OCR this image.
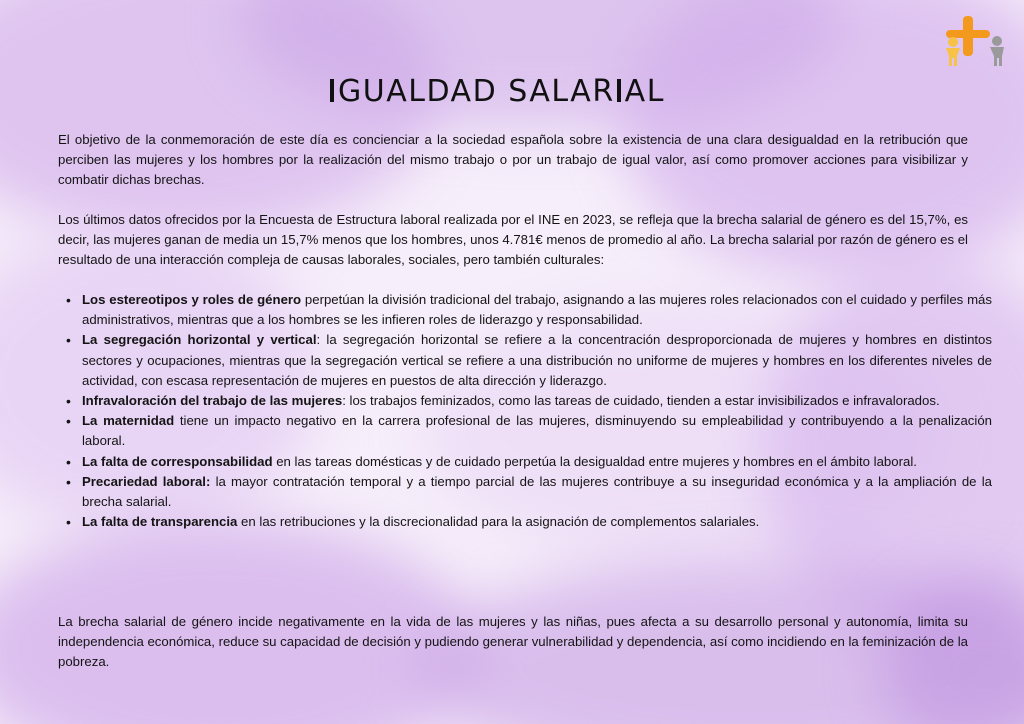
GUALDAD SALAR AL

El objetivo de la conmemoración de este día es concienciar a la sociedad española sobre la existencia de una clara desigualdad en la retribución que perciben las mujeres y los hombres por la realización del mismo trabajo o por un trabajo de igual valor, así como promover acciones para visibilizar y combatir dichas brechas.

Los últimos datos ofrecidos por la Encuesta de Estructura laboral realizada por el INE en 2023, se refleja que la brecha salarial de género es del 15,7%, es decir, las mujeres ganan de media un 15,7% menos que los hombres, unos 4.781€ menos de promedio al año. La brecha salarial por razón de género es el resultado de una interacción compleja de causas laborales, sociales, pero también culturales:

• Los estereotipos y roles de género perpetúan la división tradicional del trabajo, asignando a las mujeres roles relacionados con el cuidado y perfiles más administrativos, mientras que a los hombres se les infieren roles de liderazgo y responsabilidad.
• La segregación horizontal y vertical: la segregación horizontal se refiere a la concentración desproporcionada de mujeres y hombres en distintos sectores y ocupaciones, mientras que la segregación vertical se refiere a una distribución no uniforme de mujeres y hombres en los diferentes niveles de actividad, con escasa representación de mujeres en puestos de alta dirección y liderazgo.
• Infravaloración del trabajo de las mujeres: los trabajos feminizados, como las tareas de cuidado, tienden a estar invisibilizados e infravalorados.
• La maternidad tiene un impacto negativo en la carrera profesional de las mujeres, disminuyendo su empleabilidad y contribuyendo a la penalización laboral.
• La falta de corresponsabilidad en las tareas domésticas y de cuidado perpetúa la desigualdad entre mujeres y hombres en el ámbito laboral.
• Precariedad laboral: la mayor contratación temporal y a tiempo parcial de las mujeres contribuye a su inseguridad económica y a la ampliación de la brecha salarial.
• La falta de transparencia en las retribuciones y la discrecionalidad para la asignación de complementos salariales.

La brecha salarial de género incide negativamente en la vida de las mujeres y las niñas, pues afecta a su desarrollo personal y autonomía, limita su independencia económica, reduce su capacidad de decisión y pudiendo generar vulnerabilidad y dependencia, así como incidiendo en la feminización de la pobreza.
